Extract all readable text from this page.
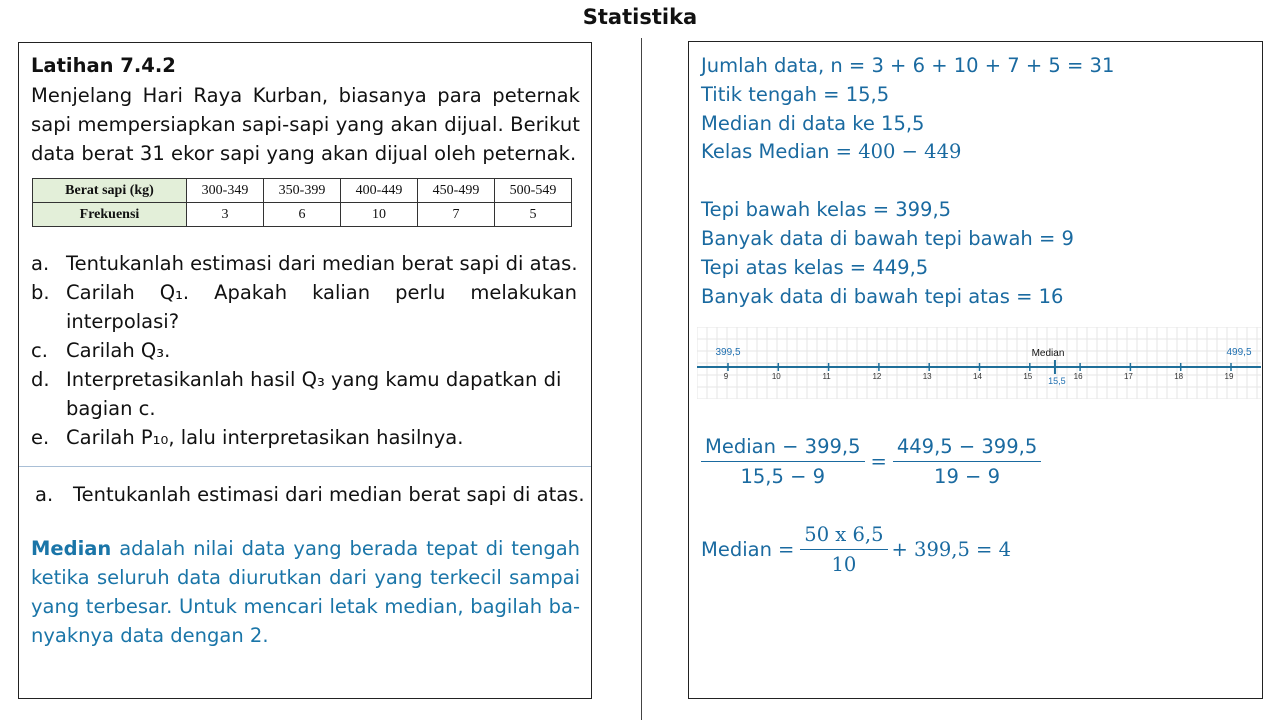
Statistika
Latihan 7.4.2
Menjelang Hari Raya Kurban, biasanya para peternak sapi mempersiapkan sapi-sapi yang akan dijual. Berikut data berat 31 ekor sapi yang akan dijual oleh peternak.
Berat sapi (kg)	300-349	350-399	400-449	450-499	500-549
Frekuensi	3	6	10	7	5
a. Tentukanlah estimasi dari median berat sapi di atas.
b. Carilah Q₁. Apakah kalian perlu melakukan
interpolasi?
c. Carilah Q₃.
d. Interpretasikanlah hasil Q₃ yang kamu dapatkan di
bagian c.
e. Carilah P₁₀, lalu interpretasikan hasilnya.
a. Tentukanlah estimasi dari median berat sapi di atas.
Median adalah nilai data yang berada tepat di tengah ketika seluruh data diurutkan dari yang terkecil sampai yang terbesar. Untuk mencari letak median, bagilah ba-nyaknya data dengan 2.
Jumlah data, n = 3 + 6 + 10 + 7 + 5 = 31
Titik tengah = 15,5
Median di data ke 15,5
Kelas Median = 400 − 449
Tepi bawah kelas = 399,5
Banyak data di bawah tepi bawah = 9
Tepi atas kelas = 449,5
Banyak data di bawah tepi atas = 16
9	10	11	12	13	14	15	16	17	18	19
399,5	499,5
Median
15,5
$\frac{\text{Median − 399,5}}{15,5 - 9} = \frac{449,5 - 399,5}{19 - 9}$
Median = $\frac{50 x 6,5}{10} + 399,5 = 4$
